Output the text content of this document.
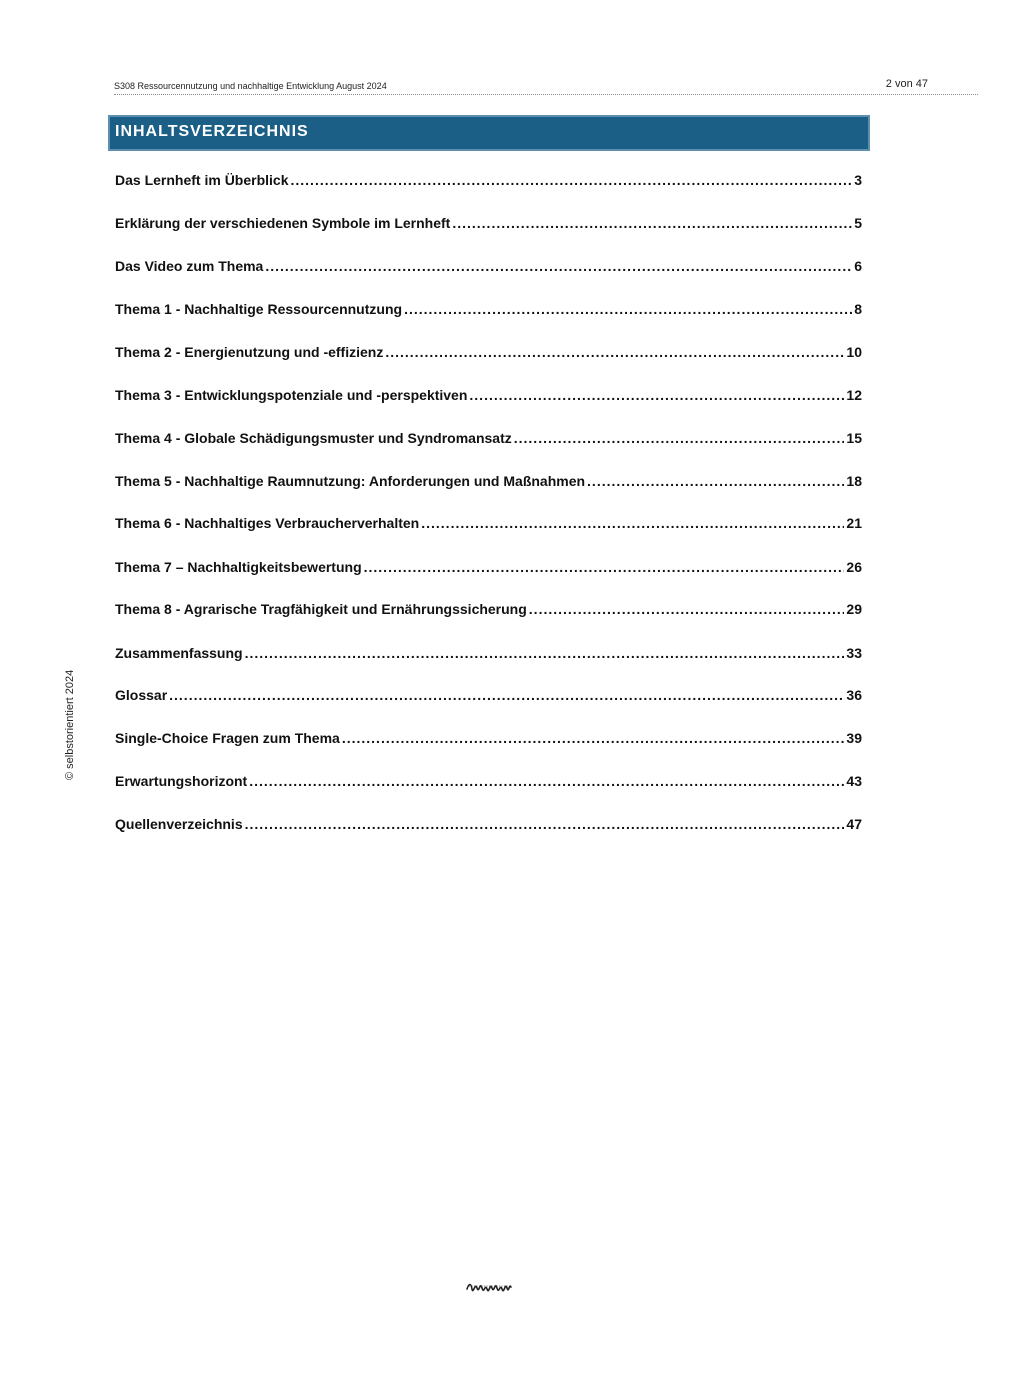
S308 Ressourcennutzung und nachhaltige Entwicklung August 2024	2 von 47
INHALTSVERZEICHNIS
Das Lernheft im Überblick .....	3
Erklärung der verschiedenen Symbole im Lernheft .....	5
Das Video zum Thema .....	6
Thema 1 - Nachhaltige Ressourcennutzung .....	8
Thema 2 - Energienutzung und -effizienz .....	10
Thema 3 - Entwicklungspotenziale und -perspektiven .....	12
Thema 4 - Globale Schädigungsmuster und Syndromansatz .....	15
Thema 5 - Nachhaltige Raumnutzung: Anforderungen und Maßnahmen .....	18
Thema 6 - Nachhaltiges Verbraucherverhalten .....	21
Thema 7 – Nachhaltigkeitsbewertung .....	26
Thema 8 - Agrarische Tragfähigkeit und Ernährungssicherung .....	29
Zusammenfassung .....	33
Glossar .....	36
Single-Choice Fragen zum Thema .....	39
Erwartungshorizont .....	43
Quellenverzeichnis .....	47
© selbstorientiert 2024
